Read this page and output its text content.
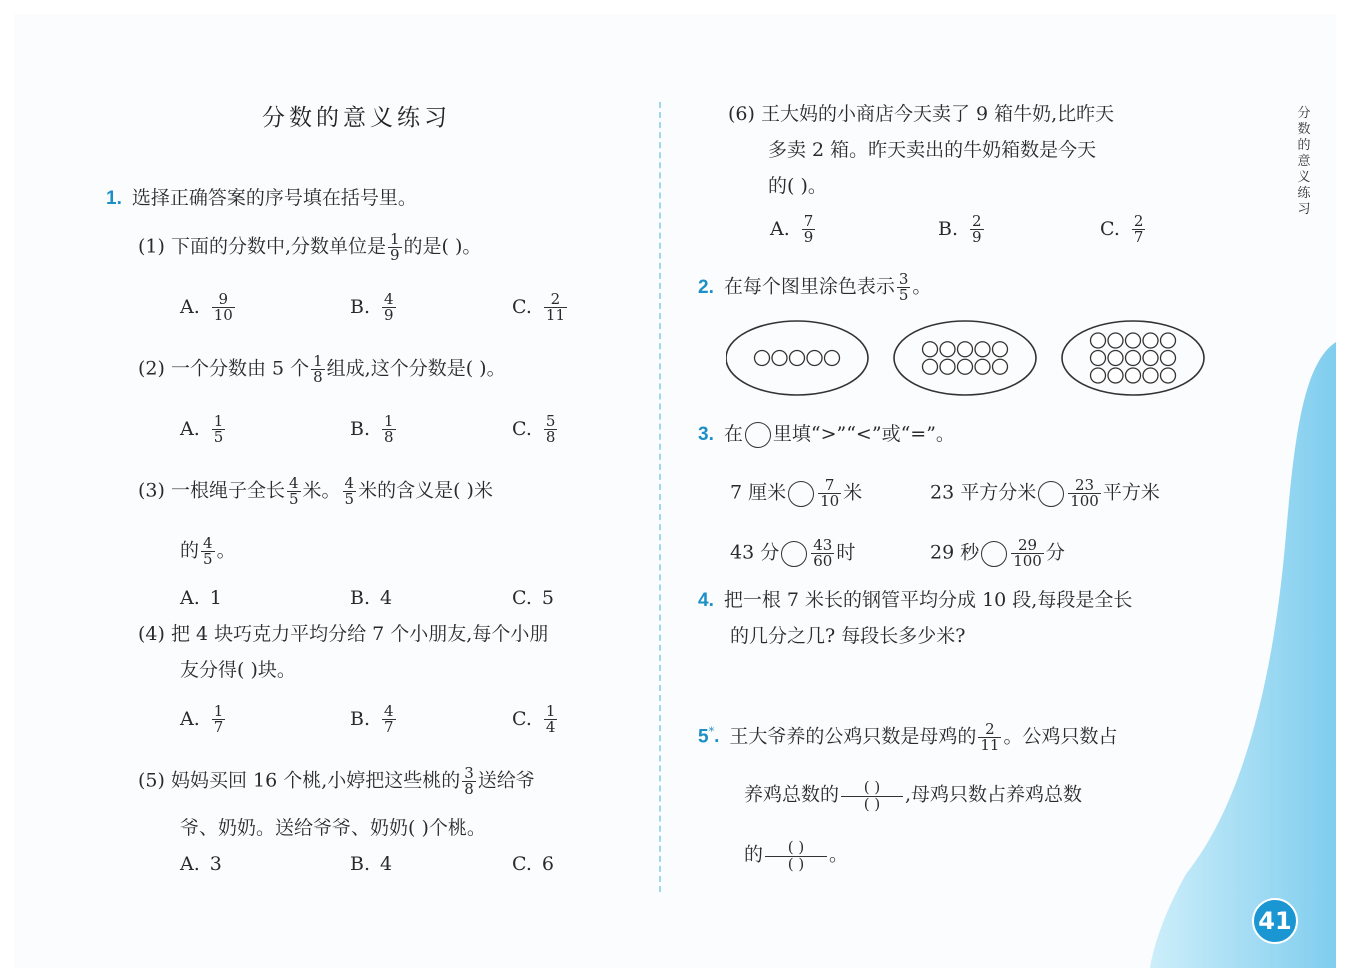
分数的意义练习
1. 选择正确答案的序号填在括号里。
(1) 下面的分数中,分数单位是 $\frac{1}{9}$ 的是( )。
A. $\frac{9}{10}$	B. $\frac{4}{9}$	C. $\frac{2}{11}$
(2) 一个分数由 5 个 $\frac{1}{8}$ 组成,这个分数是( )。
A. $\frac{1}{5}$	B. $\frac{1}{8}$	C. $\frac{5}{8}$
(3) 一根绳子全长 $\frac{4}{5}$ 米。 $\frac{4}{5}$ 米的含义是( )米
的 $\frac{4}{5}$ 。
A. 1	B. 4	C. 5
(4) 把 4 块巧克力平均分给 7 个小朋友,每个小朋
友分得( )块。
A. $\frac{1}{7}$	B. $\frac{4}{7}$	C. $\frac{1}{4}$
(5) 妈妈买回 16 个桃,小婷把这些桃的 $\frac{3}{8}$ 送给爷
爷、奶奶。送给爷爷、奶奶( )个桃。
A. 3	B. 4	C. 6
(6) 王大妈的小商店今天卖了 9 箱牛奶,比昨天
多卖 2 箱。昨天卖出的牛奶箱数是今天
的( )。
A. $\frac{7}{9}$	B. $\frac{2}{9}$	C. $\frac{2}{7}$
2. 在每个图里涂色表示 $\frac{3}{5}$ 。
3. 在 里填“>”“<”或“=”。
7 厘米 $\frac{7}{10}$ 米	23 平方分米 $\frac{23}{100}$ 平方米
43 分 $\frac{43}{60}$ 时	29 秒 $\frac{29}{100}$ 分
4. 把一根 7 米长的钢管平均分成 10 段,每段是全长
的几分之几? 每段长多少米?
5*. 王大爷养的公鸡只数是母鸡的 $\frac{2}{11}$ 。公鸡只数占
养鸡总数的	( )
( ) ,母鸡只数占养鸡总数
的	( )
( ) 。
分
数
的
意
义
练
习
41
